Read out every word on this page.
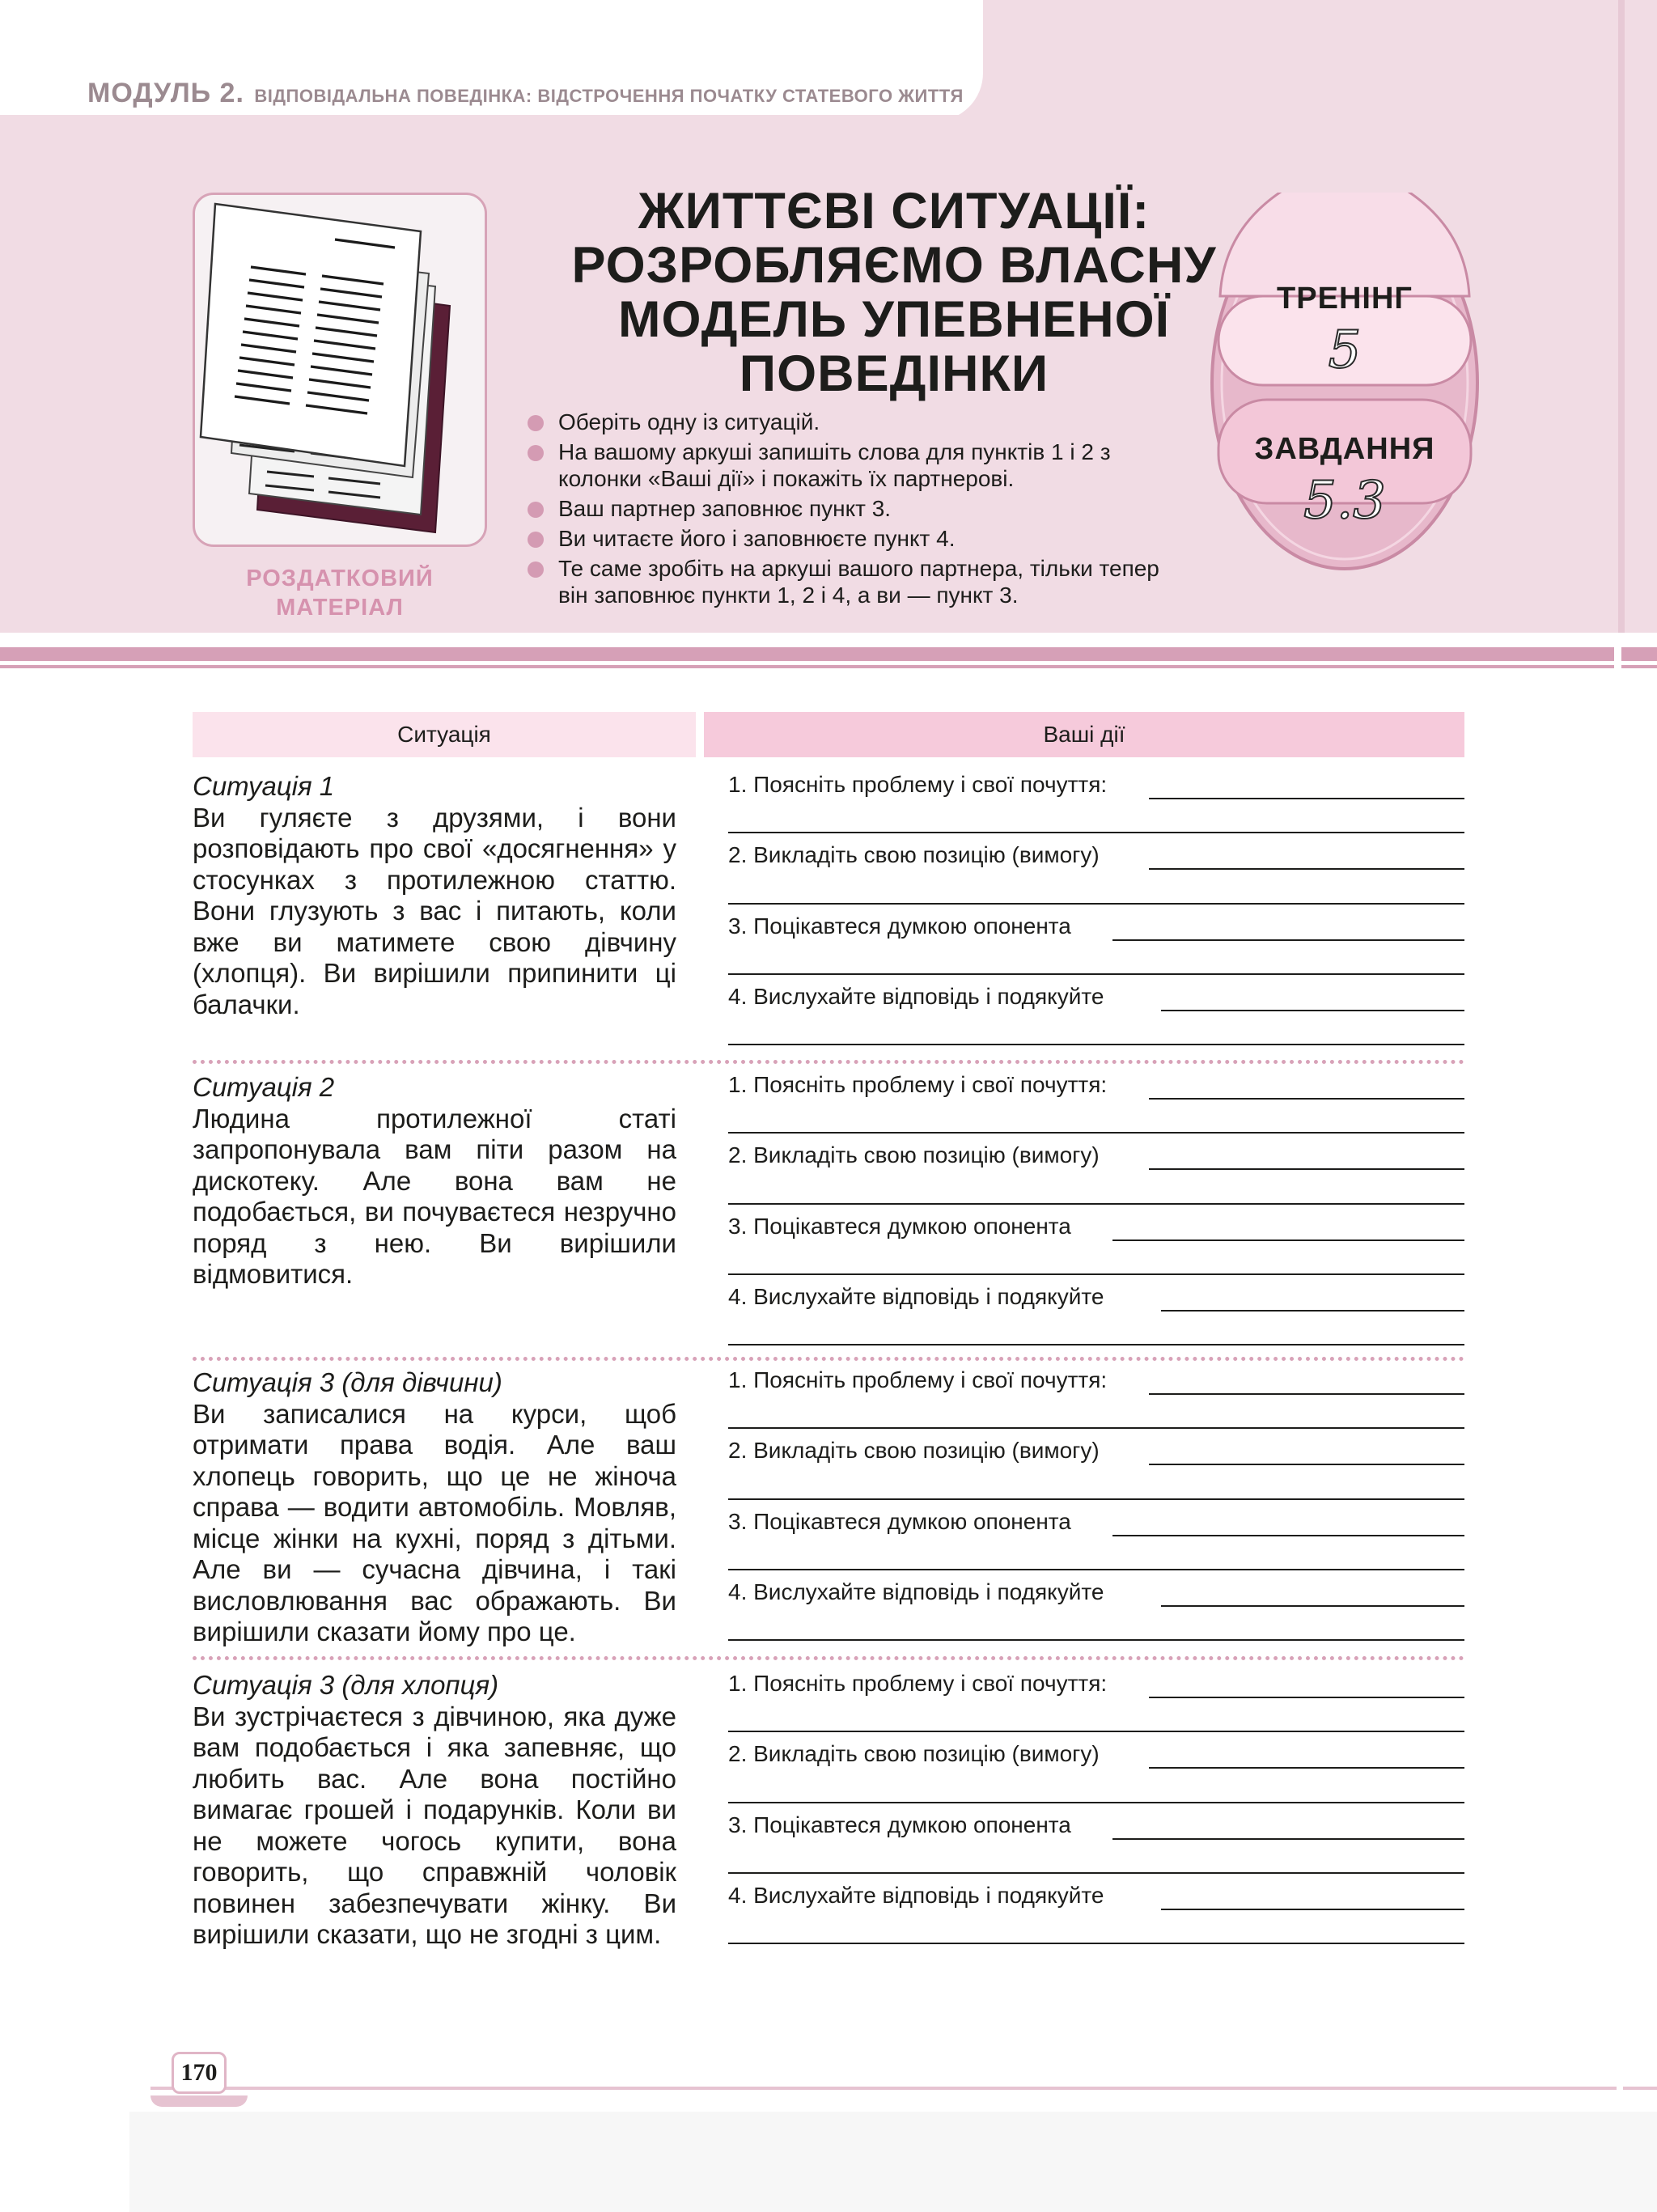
МОДУЛЬ 2. ВІДПОВІДАЛЬНА ПОВЕДІНКА: ВІДСТРОЧЕННЯ ПОЧАТКУ СТАТЕВОГО ЖИТТЯ
РОЗДАТКОВИЙ
МАТЕРІАЛ
ЖИТТЄВІ СИТУАЦІЇ:
РОЗРОБЛЯЄМО ВЛАСНУ
МОДЕЛЬ УПЕВНЕНОЇ
ПОВЕДІНКИ
Оберіть одну із ситуацій.
На вашому аркуші запишіть слова для пунктів 1 і 2 з колонки «Ваші дії» і покажіть їх партнерові.
Ваш партнер заповнює пункт 3.
Ви читаєте його і заповнюєте пункт 4.
Те саме зробіть на аркуші вашого партнера, тільки тепер він заповнює пункти 1, 2 і 4, а ви — пункт 3.
ТРЕНІНГ
5
ЗАВДАННЯ
5.3
Ситуація	Ваші дії
Ситуація 1
Ви гуляєте з друзями, і вони розповідають про свої «досягнення» у стосунках з протилежною статтю. Вони глузують з вас і питають, коли вже ви матимете свою дівчину (хлопця). Ви вирішили припинити ці балачки.
1. Поясніть проблему і свої почуття:
2. Викладіть свою позицію (вимогу)
3. Поцікавтеся думкою опонента
4. Вислухайте відповідь і подякуйте
Ситуація 2
Людина протилежної статі запропонувала вам піти разом на дискотеку. Але вона вам не подобається, ви почуваєтеся незручно поряд з нею. Ви вирішили відмовитися.
1. Поясніть проблему і свої почуття:
2. Викладіть свою позицію (вимогу)
3. Поцікавтеся думкою опонента
4. Вислухайте відповідь і подякуйте
Ситуація 3 (для дівчини)
Ви записалися на курси, щоб отримати права водія. Але ваш хлопець говорить, що це не жіноча справа — водити автомобіль. Мовляв, місце жінки на кухні, поряд з дітьми. Але ви — сучасна дівчина, і такі висловлювання вас ображають. Ви вирішили сказати йому про це.
1. Поясніть проблему і свої почуття:
2. Викладіть свою позицію (вимогу)
3. Поцікавтеся думкою опонента
4. Вислухайте відповідь і подякуйте
Ситуація 3 (для хлопця)
Ви зустрічаєтеся з дівчиною, яка дуже вам подобається і яка запевняє, що любить вас. Але вона постійно вимагає грошей і подарунків. Коли ви не можете чогось купити, вона говорить, що справжній чоловік повинен забезпечувати жінку. Ви вирішили сказати, що не згодні з цим.
1. Поясніть проблему і свої почуття:
2. Викладіть свою позицію (вимогу)
3. Поцікавтеся думкою опонента
4. Вислухайте відповідь і подякуйте
170
